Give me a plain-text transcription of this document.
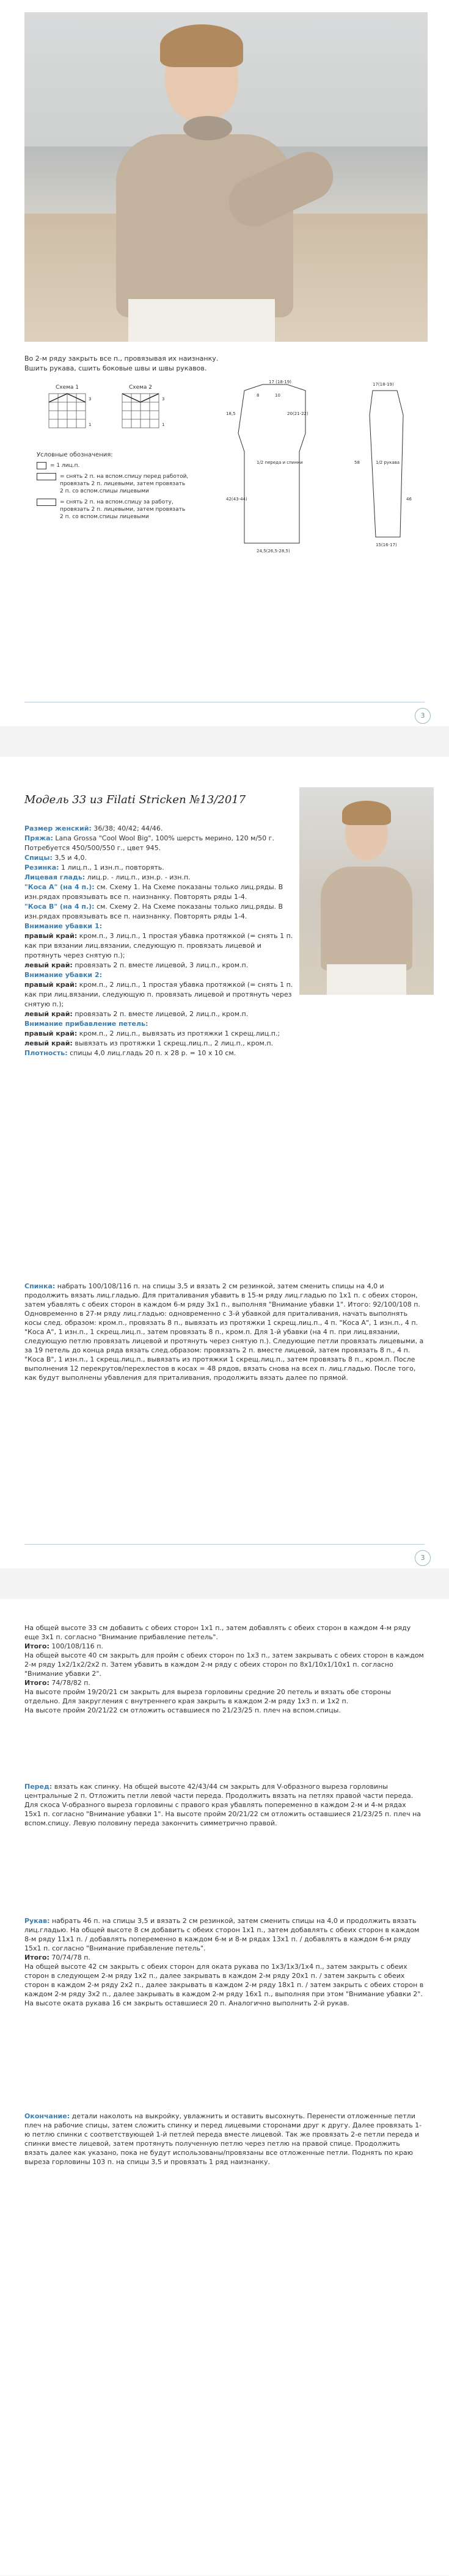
Во 2-м ряду закрыть все п., провязывая их наизнанку.

Вшить рукава, сшить боковые швы и швы рукавов.

Схема 1
3
1
Схема 2
3
1
Условные обозначения:
= 1 лиц.п.
= снять 2 п. на вспом.спицу перед работой, провязать 2 п. лицевыми, затем провязать 2 п. со вспом.спицы лицевыми
= снять 2 п. на вспом.спицу за работу, провязать 2 п. лицевыми, затем провязать 2 п. со вспом.спицы лицевыми
17 (18-19)
8	10
18,5	20(21-22)
1/2 переда и спинки
42(43-44)
24,5(26,5-28,5)
58
17(18-19)
1/2 рукава
46
15(16-17)
3
Модель 33 из Filati Stricken №13/2017

Размер женский: 36/38; 40/42; 44/46.

Пряжа: Lana Grossa "Cool Wool Big", 100% шерсть мерино, 120 м/50 г.

Потребуется 450/500/550 г., цвет 945.

Спицы: 3,5 и 4,0.

Резинка: 1 лиц.п., 1 изн.п., повторять.

Лицевая гладь: лиц.р. - лиц.п., изн.р. - изн.п.

"Коса А" (на 4 п.): см. Схему 1. На Схеме показаны только лиц.ряды. В изн.рядах провязывать все п. наизнанку. Повторять ряды 1-4.

"Коса В" (на 4 п.): см. Схему 2. На Схеме показаны только лиц.ряды. В изн.рядах провязывать все п. наизнанку. Повторять ряды 1-4.

Внимание убавки 1:

правый край: кром.п., 3 лиц.п., 1 простая убавка протяжкой (= снять 1 п. как при вязании лиц.вязании, следующую п. провязать лицевой и протянуть через снятую п.);

левый край: провязать 2 п. вместе лицевой, 3 лиц.п., кром.п.

Внимание убавки 2:

правый край: кром.п., 2 лиц.п., 1 простая убавка протяжкой (= снять 1 п. как при лиц.вязании, следующую п. провязать лицевой и протянуть через снятую п.);

левый край: провязать 2 п. вместе лицевой, 2 лиц.п., кром.п.

Внимание прибавление петель:

правый край: кром.п., 2 лиц.п., вывязать из протяжки 1 скрещ.лиц.п.;

левый край: вывязать из протяжки 1 скрещ.лиц.п., 2 лиц.п., кром.п.

Плотность: спицы 4,0 лиц.гладь 20 п. х 28 р. = 10 х 10 см.

Спинка: набрать 100/108/116 п. на спицы 3,5 и вязать 2 см резинкой, затем сменить спицы на 4,0 и продолжить вязать лиц.гладью. Для приталивания убавить в 15-м ряду лиц.гладью по 1х1 п. с обеих сторон, затем убавлять с обеих сторон в каждом 6-м ряду 3х1 п., выполняя "Внимание убавки 1". Итого: 92/100/108 п. Одновременно в 27-м ряду лиц.гладью: одновременно с 3-й убавкой для приталивания, начать выполнять косы след. образом: кром.п., провязать 8 п., вывязать из протяжки 1 скрещ.лиц.п., 4 п. "Коса А", 1 изн.п., 4 п. "Коса А", 1 изн.п., 1 скрещ.лиц.п., затем провязать 8 п., кром.п. Для 1-й убавки (на 4 п. при лиц.вязании, следующую петлю провязать лицевой и протянуть через снятую п.). Следующие петли провязать лицевыми, а за 19 петель до конца ряда вязать след.образом: провязать 2 п. вместе лицевой, затем провязать 8 п., 4 п. "Коса В", 1 изн.п., 1 скрещ.лиц.п., вывязать из протяжки 1 скрещ.лиц.п., затем провязать 8 п., кром.п. После выполнения 12 перекрутов/перехлестов в косах = 48 рядов, вязать снова на всех п. лиц.гладью. После того, как будут выполнены убавления для приталивания, продолжить вязать далее по прямой.
3

На общей высоте 33 см добавить с обеих сторон 1х1 п., затем добавлять с обеих сторон в каждом 4-м ряду еще 3х1 п. согласно "Внимание прибавление петель".

Итого: 100/108/116 п.

На общей высоте 40 см закрыть для пройм с обеих сторон по 1х3 п., затем закрывать с обеих сторон в каждом 2-м ряду 1х2/1х2/2х2 п. Затем убавить в каждом 2-м ряду с обеих сторон по 8х1/10х1/10х1 п. согласно "Внимание убавки 2".

Итого: 74/78/82 п.

На высоте пройм 19/20/21 см закрыть для выреза горловины средние 20 петель и вязать обе стороны отдельно. Для закругления с внутреннего края закрыть в каждом 2-м ряду 1х3 п. и 1х2 п.

На высоте пройм 20/21/22 см отложить оставшиеся по 21/23/25 п. плеч на вспом.спицы.

Перед: вязать как спинку. На общей высоте 42/43/44 см закрыть для V-образного выреза горловины центральные 2 п. Отложить петли левой части переда. Продолжить вязать на петлях правой части переда. Для скоса V-образного выреза горловины с правого края убавлять попеременно в каждом 2-м и 4-м рядах 15х1 п. согласно "Внимание убавки 1". На высоте пройм 20/21/22 см отложить оставшиеся 21/23/25 п. плеч на вспом.спицу. Левую половину переда закончить симметрично правой.

Рукав: набрать 46 п. на спицы 3,5 и вязать 2 см резинкой, затем сменить спицы на 4,0 и продолжить вязать лиц.гладью. На общей высоте 8 см добавить с обеих сторон 1х1 п., затем добавлять с обеих сторон в каждом 8-м ряду 11х1 п. / добавлять попеременно в каждом 6-м и 8-м рядах 13х1 п. / добавлять в каждом 6-м ряду 15х1 п. согласно "Внимание прибавление петель".

Итого: 70/74/78 п.

На общей высоте 42 см закрыть с обеих сторон для оката рукава по 1х3/1х3/1х4 п., затем закрыть с обеих сторон в следующем 2-м ряду 1х2 п., далее закрывать в каждом 2-м ряду 20х1 п. / затем закрыть с обеих сторон в каждом 2-м ряду 2х2 п., далее закрывать в каждом 2-м ряду 18х1 п. / затем закрыть с обеих сторон в каждом 2-м ряду 3х2 п., далее закрывать в каждом 2-м ряду 16х1 п., выполняя при этом "Внимание убавки 2". На высоте оката рукава 16 см закрыть оставшиеся 20 п. Аналогично выполнить 2-й рукав.

Окончание: детали наколоть на выкройку, увлажнить и оставить высохнуть. Перенести отложенные петли плеч на рабочие спицы, затем сложить спинку и перед лицевыми сторонами друг к другу. Далее провязать 1-ю петлю спинки с соответствующей 1-й петлей переда вместе лицевой. Так же провязать 2-е петли переда и спинки вместе лицевой, затем протянуть полученную петлю через петлю на правой спице. Продолжить вязать далее как указано, пока не будут использованы/провязаны все отложенные петли. Поднять по краю выреза горловины 103 п. на спицы 3,5 и провязать 1 ряд наизнанку.
